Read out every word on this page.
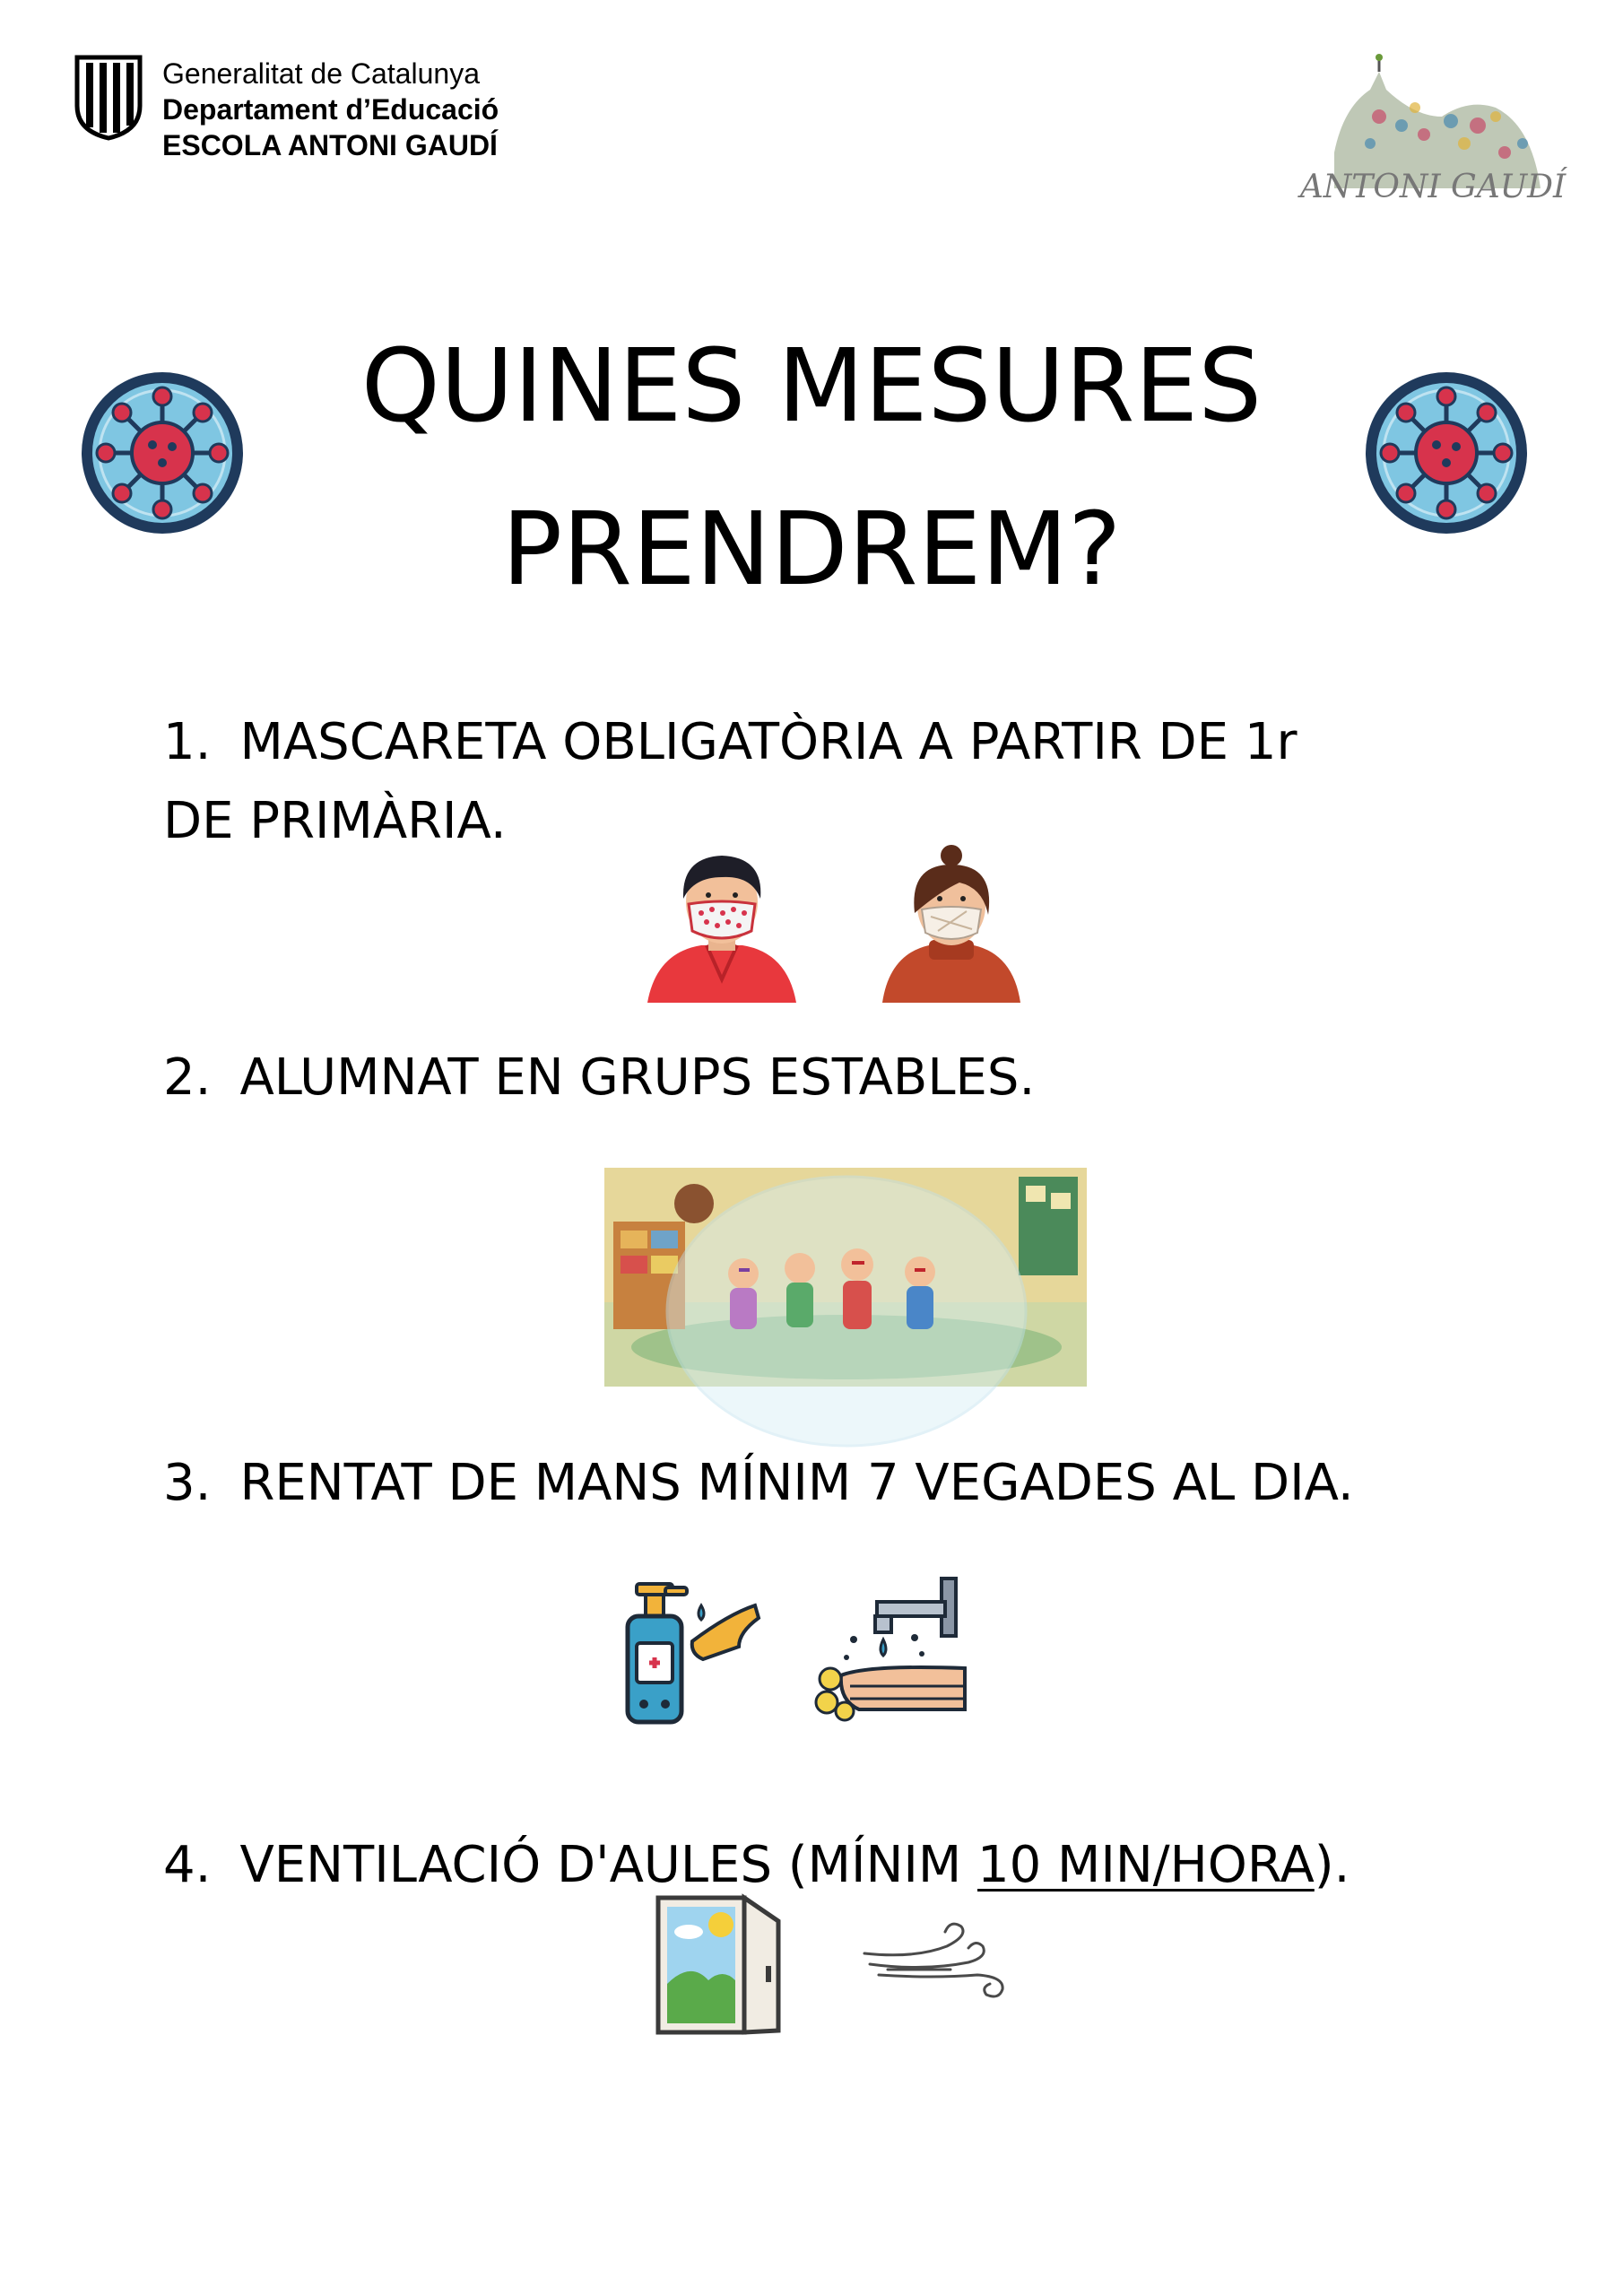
Generalitat de Catalunya
Departament d’Educació
ESCOLA ANTONI GAUDÍ
ANTONI GAUDÍ
QUINES MESURES
PRENDREM?
1. MASCARETA OBLIGATÒRIA A PARTIR DE 1r
DE PRIMÀRIA.
2. ALUMNAT EN GRUPS ESTABLES.
3. RENTAT DE MANS MÍNIM 7 VEGADES AL DIA.
4. VENTILACIÓ D'AULES (MÍNIM 10 MIN/HORA).
